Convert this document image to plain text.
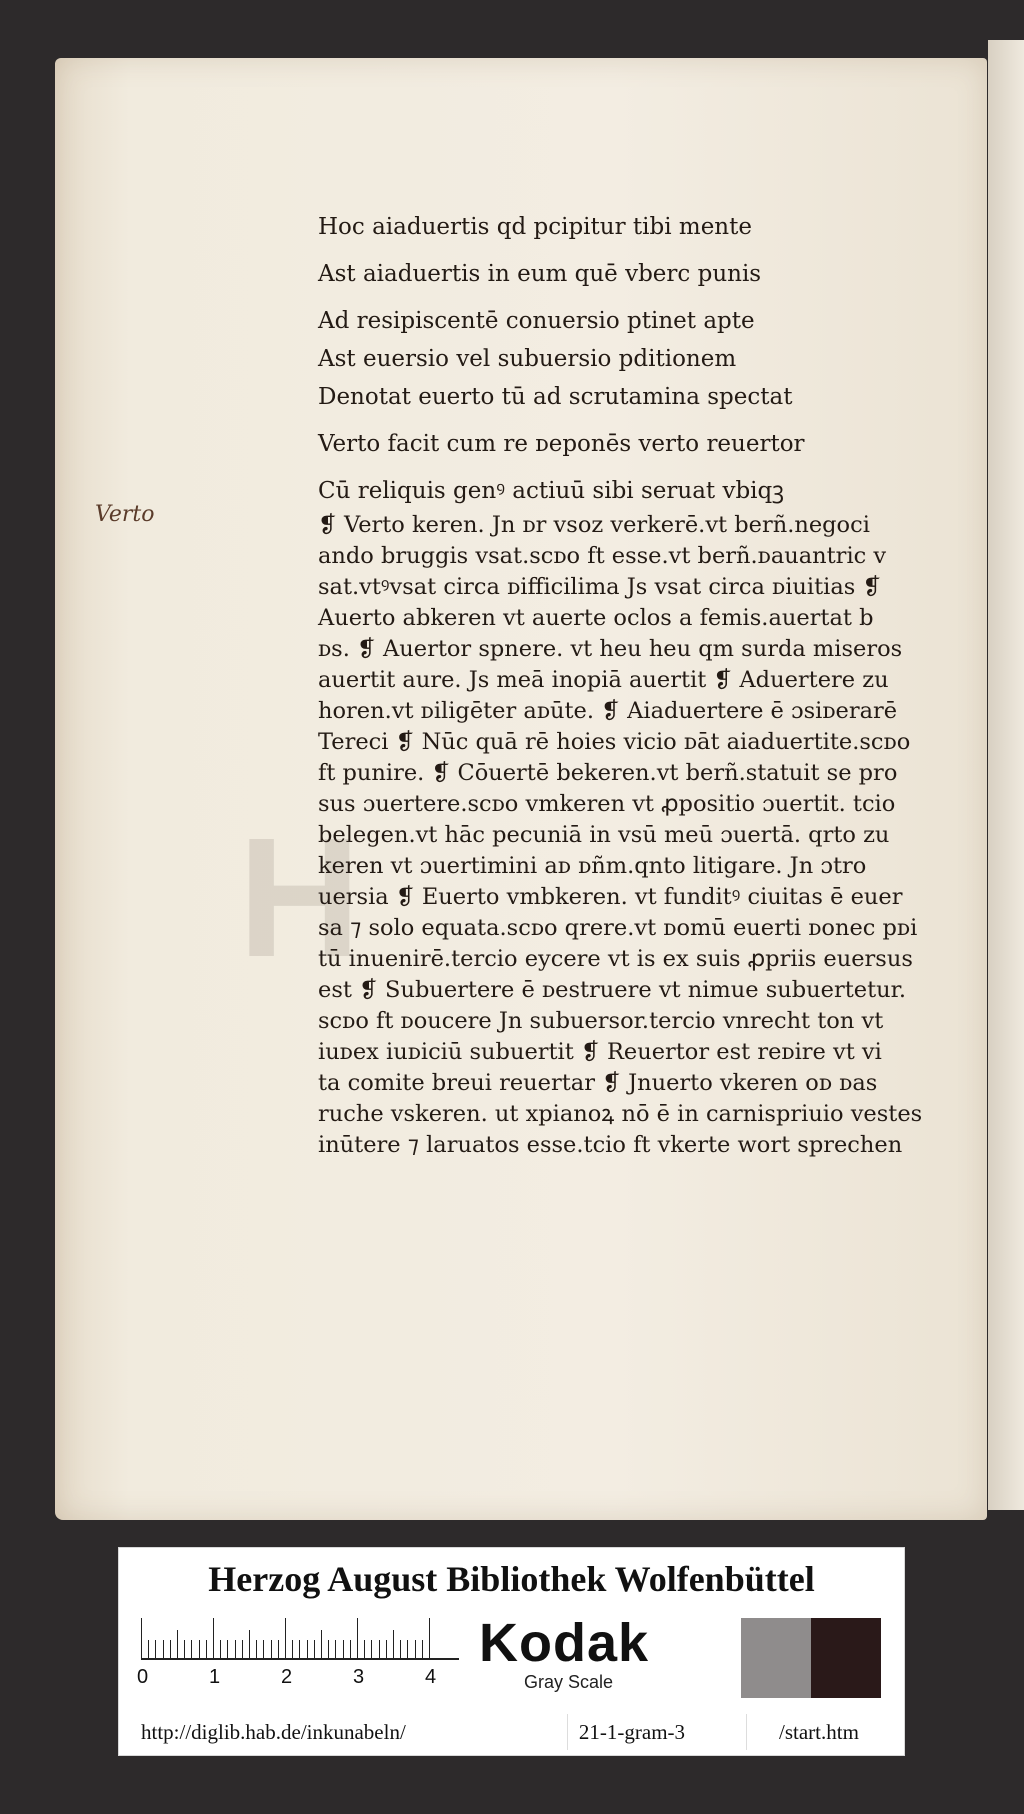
H
Verto
Hoc aiaduertis qd pcipitur tibi mente
Ast aiaduertis in eum quē vberc punis
Ad resipiscentē conuersio ptinet apte
Ast euersio vel subuersio pditionem
Denotat euerto tū ad scrutamina spectat
Verto facit cum re ᴅeponēs verto reuertor
Cū reliquis genꝰ actiuū sibi seruat vbiqꝫ

❡ Verto keren. Jn ᴅr vsoz verkerē.vt berñ.negoci

ando bruggis vsat.scᴅo ft esse.vt berñ.ᴅauantric v

sat.vtꝰvsat circa ᴅifficilima Js vsat circa ᴅiuitias ❡

Auerto abkeren vt auerte oclos a femis.auertat b

ᴅs. ❡ Auertor spnere. vt heu heu qm surda miseros

auertit aure. Js meā inopiā auertit ❡ Aduertere zu

horen.vt ᴅiligēter aᴅūte. ❡ Aiaduertere ē ɔsiᴅerarē

Tereci ❡ Nūc quā rē hoies vicio ᴅāt aiaduertite.scᴅo

ft punire. ❡ Cōuertē bekeren.vt berñ.statuit se pro

sus ɔuertere.scᴅo vmkeren vt ꝓpositio ɔuertit. tcio

belegen.vt hāc pecuniā in vsū meū ɔuertā. qrto zu

keren vt ɔuertimini aᴅ ᴅñm.qnto litigare. Jn ɔtro

uersia ❡ Euerto vmbkeren. vt funditꝰ ciuitas ē euer

sa ⁊ solo equata.scᴅo qrere.vt ᴅomū euerti ᴅonec pᴅi

tū inuenirē.tercio eycere vt is ex suis ꝓpriis euersus

est ❡ Subuertere ē ᴅestruere vt nimue subuertetur.

scᴅo ft ᴅoucere Jn subuersor.tercio vnrecht ton vt

iuᴅex iuᴅiciū subuertit ❡ Reuertor est reᴅire vt vi

ta comite breui reuertar ❡ Jnuerto vkeren oᴅ ᴅas

ruche vskeren. ut xpianoꝝ nō ē in carnispriuio vestes

inūtere ⁊ laruatos esse.tcio ft vkerte wort sprechen

Herzog August Bibliothek Wolfenbüttel
0	1	2	3	4
Kodak
Gray Scale
http://diglib.hab.de/inkunabeln/	21-1-gram-3	/start.htm
